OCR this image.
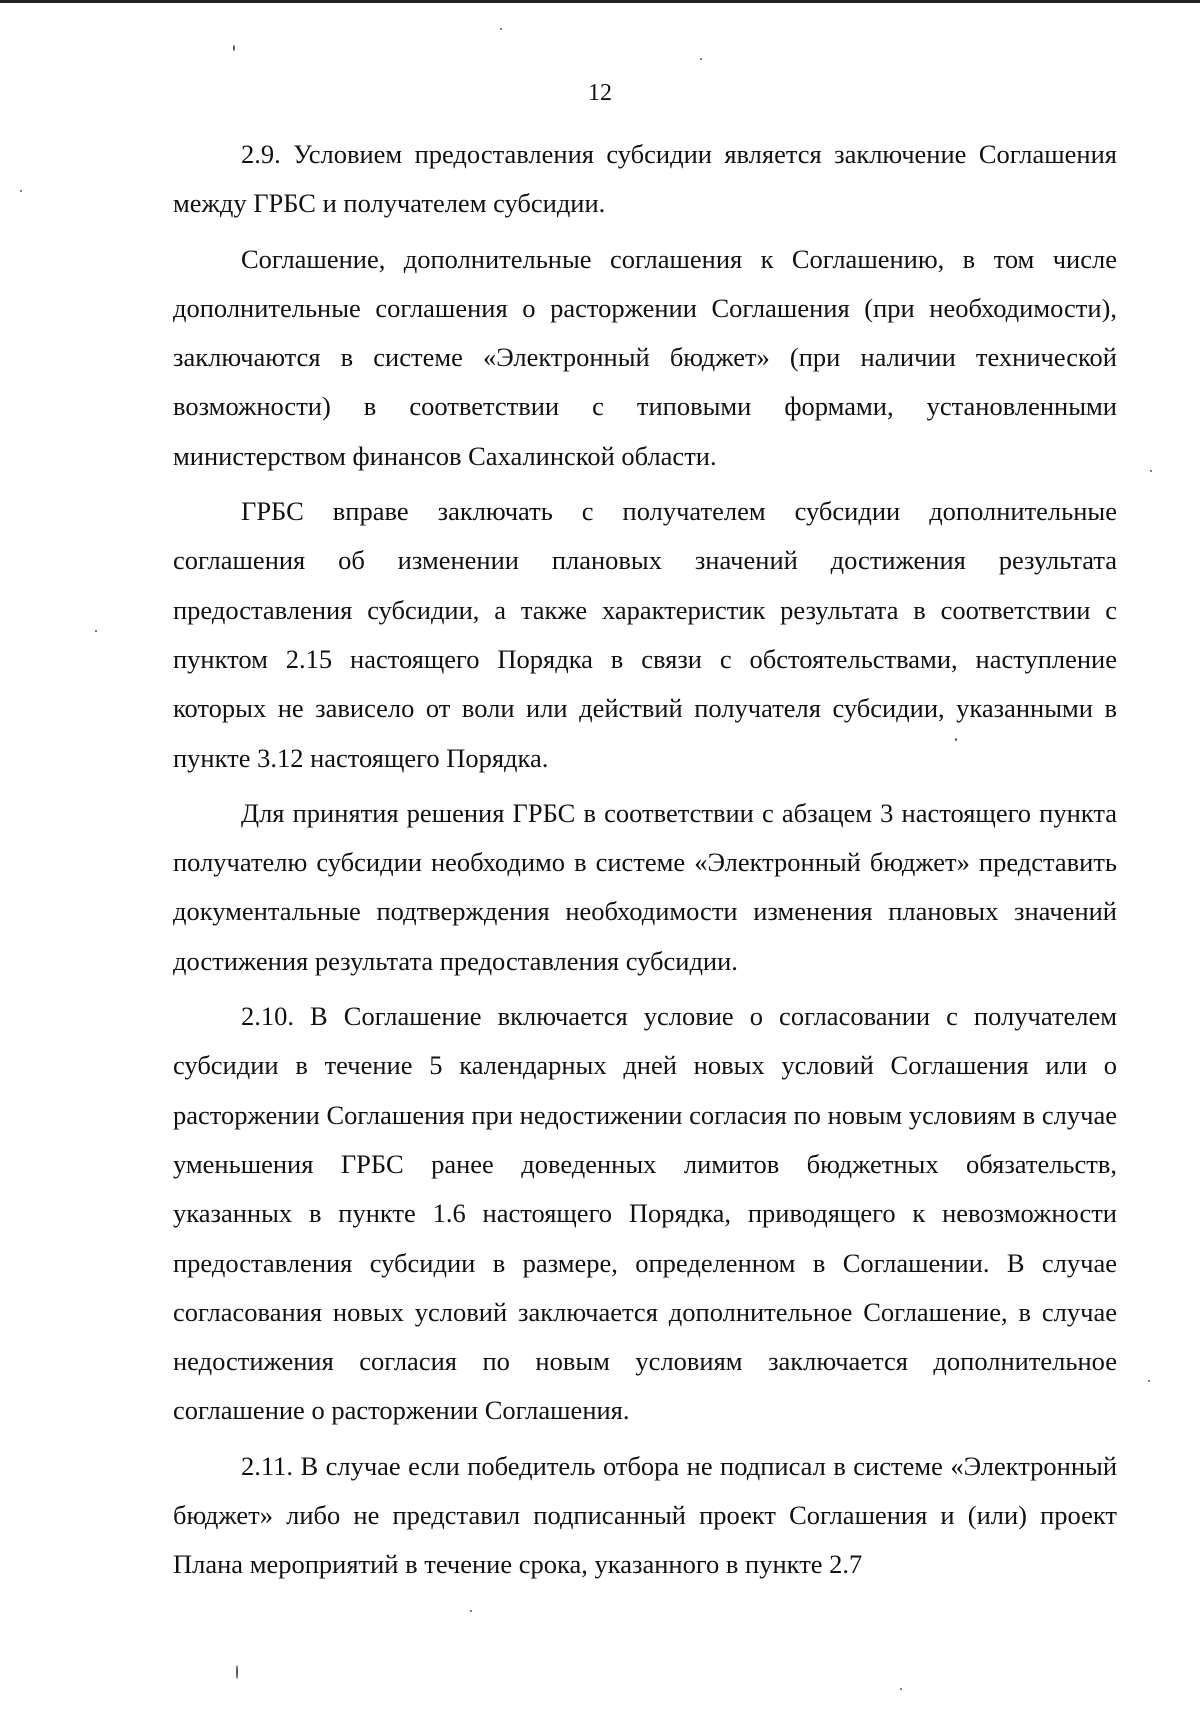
12

2.9. Условием предоставления субсидии является заключение Соглашения между ГРБС и получателем субсидии.

Соглашение, дополнительные соглашения к Соглашению, в том числе дополнительные соглашения о расторжении Соглашения (при необходимости), заключаются в системе «Электронный бюджет» (при наличии технической возможности) в соответствии с типовыми формами, установленными министерством финансов Сахалинской области.

ГРБС вправе заключать с получателем субсидии дополнительные соглашения об изменении плановых значений достижения результата предоставления субсидии, а также характеристик результата в соответствии с пунктом 2.15 настоящего Порядка в связи с обстоятельствами, наступление которых не зависело от воли или действий получателя субсидии, указанными в пункте 3.12 настоящего Порядка.

Для принятия решения ГРБС в соответствии с абзацем 3 настоящего пункта получателю субсидии необходимо в системе «Электронный бюджет» представить документальные подтверждения необходимости изменения плановых значений достижения результата предоставления субсидии.

2.10. В Соглашение включается условие о согласовании с получателем субсидии в течение 5 календарных дней новых условий Соглашения или о расторжении Соглашения при недостижении согласия по новым условиям в случае уменьшения ГРБС ранее доведенных лимитов бюджетных обязательств, указанных в пункте 1.6 настоящего Порядка, приводящего к невозможности предоставления субсидии в размере, определенном в Соглашении. В случае согласования новых условий заключается дополнительное Соглашение, в случае недостижения согласия по новым условиям заключается дополнительное соглашение о расторжении Соглашения.

2.11. В случае если победитель отбора не подписал в системе «Электронный бюджет» либо не представил подписанный проект Соглашения и (или) проект Плана мероприятий в течение срока, указанного в пункте 2.7
